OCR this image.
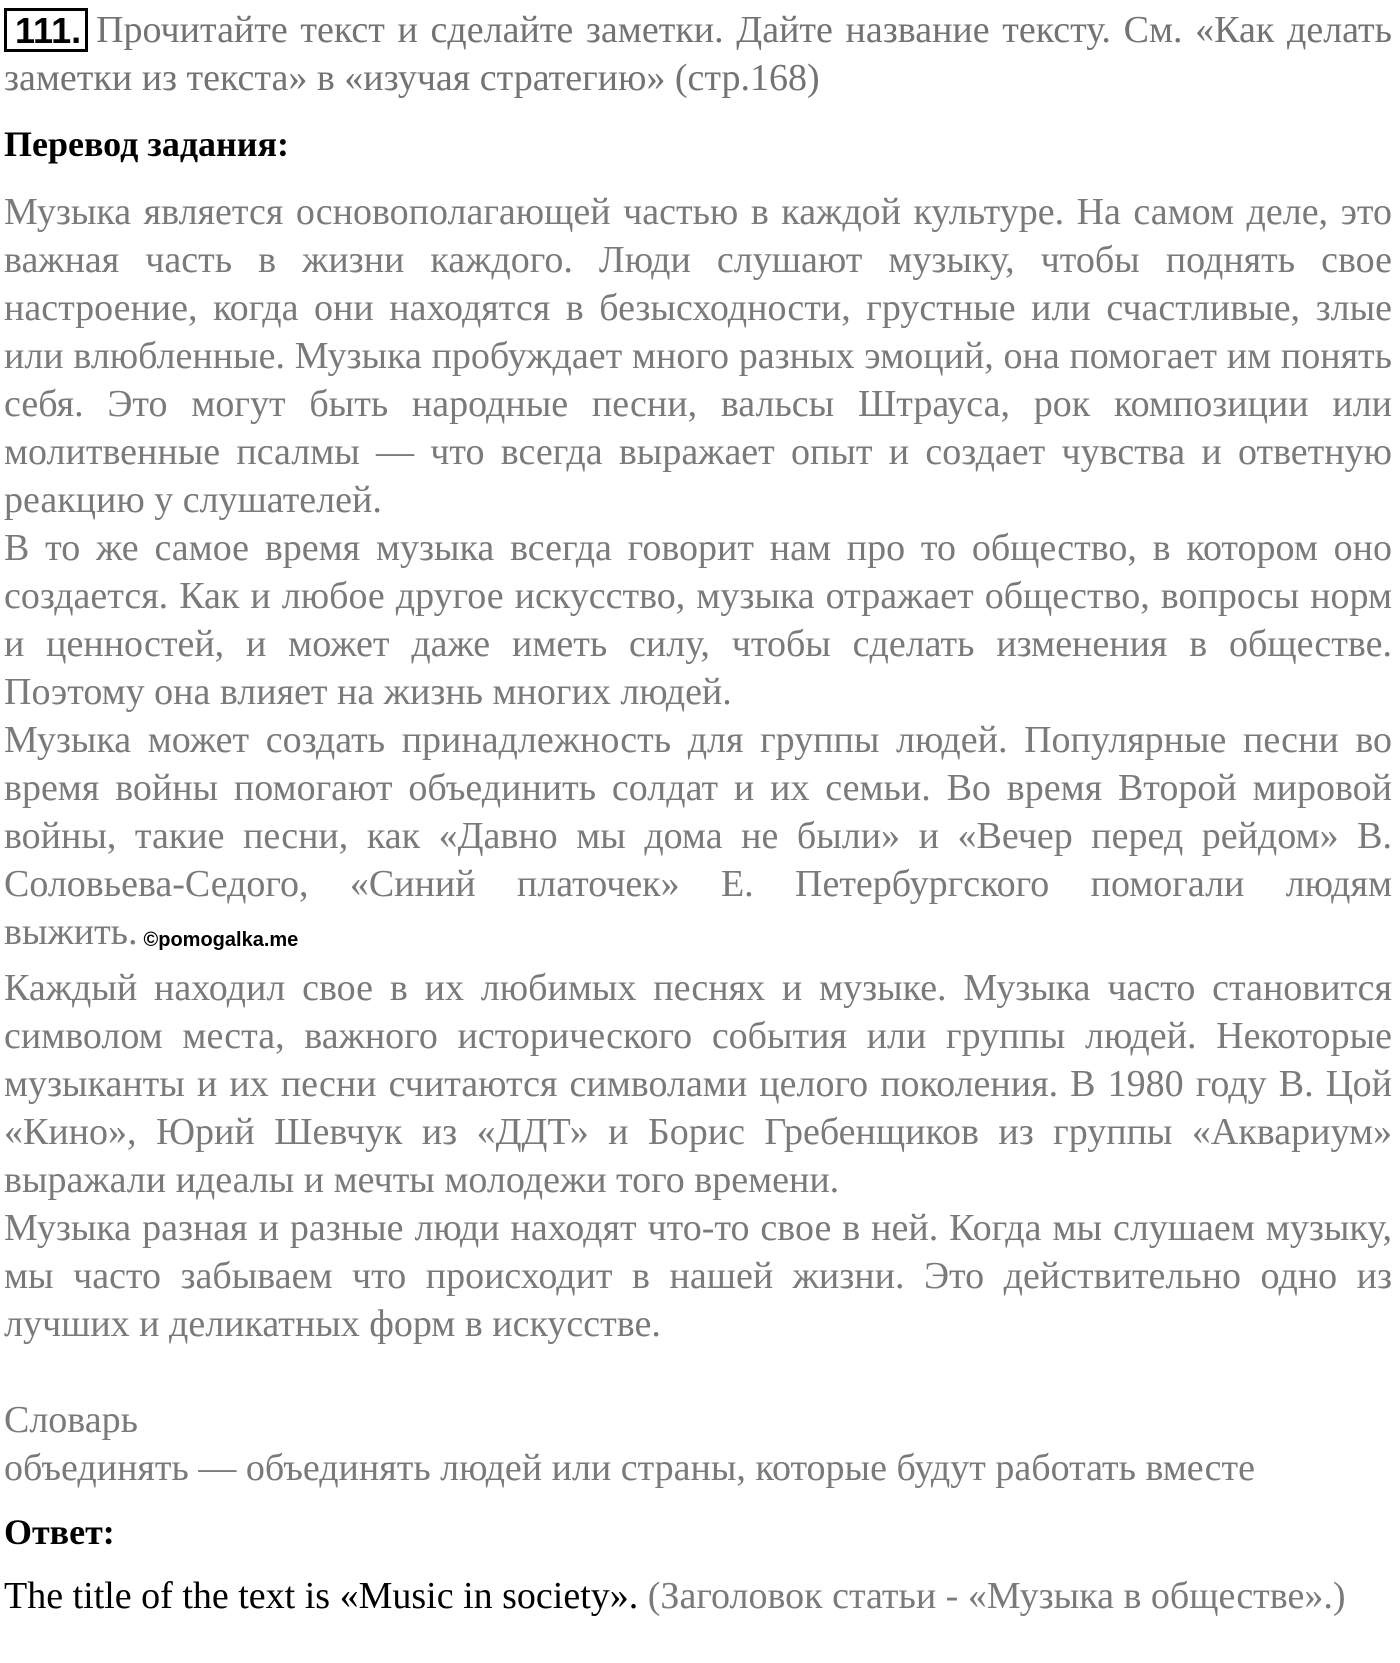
111. Прочитайте текст и сделайте заметки. Дайте название тексту. См. «Как делать заметки из текста» в «изучая стратегию» (стр.168)
Перевод задания:

Музыка является основополагающей частью в каждой культуре. На самом деле, это важная часть в жизни каждого. Люди слушают музыку, чтобы поднять свое настроение, когда они находятся в безысходности, грустные или счастливые, злые или влюбленные. Музыка пробуждает много разных эмоций, она помогает им понять себя. Это могут быть народные песни, вальсы Штрауса, рок композиции или молитвенные псалмы — что всегда выражает опыт и создает чувства и ответную реакцию у слушателей.

В то же самое время музыка всегда говорит нам про то общество, в котором оно создается. Как и любое другое искусство, музыка отражает общество, вопросы норм и ценностей, и может даже иметь силу, чтобы сделать изменения в обществе. Поэтому она влияет на жизнь многих людей.

Музыка может создать принадлежность для группы людей. Популярные песни во время войны помогают объединить солдат и их семьи. Во время Второй мировой войны, такие песни, как «Давно мы дома не были» и «Вечер перед рейдом» В. Соловьева-Седого, «Синий платочек» Е. Петербургского помогали людям выжить. ©pomogalka.me

Каждый находил свое в их любимых песнях и музыке. Музыка часто становится символом места, важного исторического события или группы людей. Некоторые музыканты и их песни считаются символами целого поколения. В 1980 году В. Цой «Кино», Юрий Шевчук из «ДДТ» и Борис Гребенщиков из группы «Аквариум» выражали идеалы и мечты молодежи того времени.

Музыка разная и разные люди находят что-то свое в ней. Когда мы слушаем музыку, мы часто забываем что происходит в нашей жизни. Это действительно одно из лучших и деликатных форм в искусстве.

Словарь
объединять — объединять людей или страны, которые будут работать вместе
Ответ:
The title of the text is «Music in society». (Заголовок статьи - «Музыка в обществе».)
